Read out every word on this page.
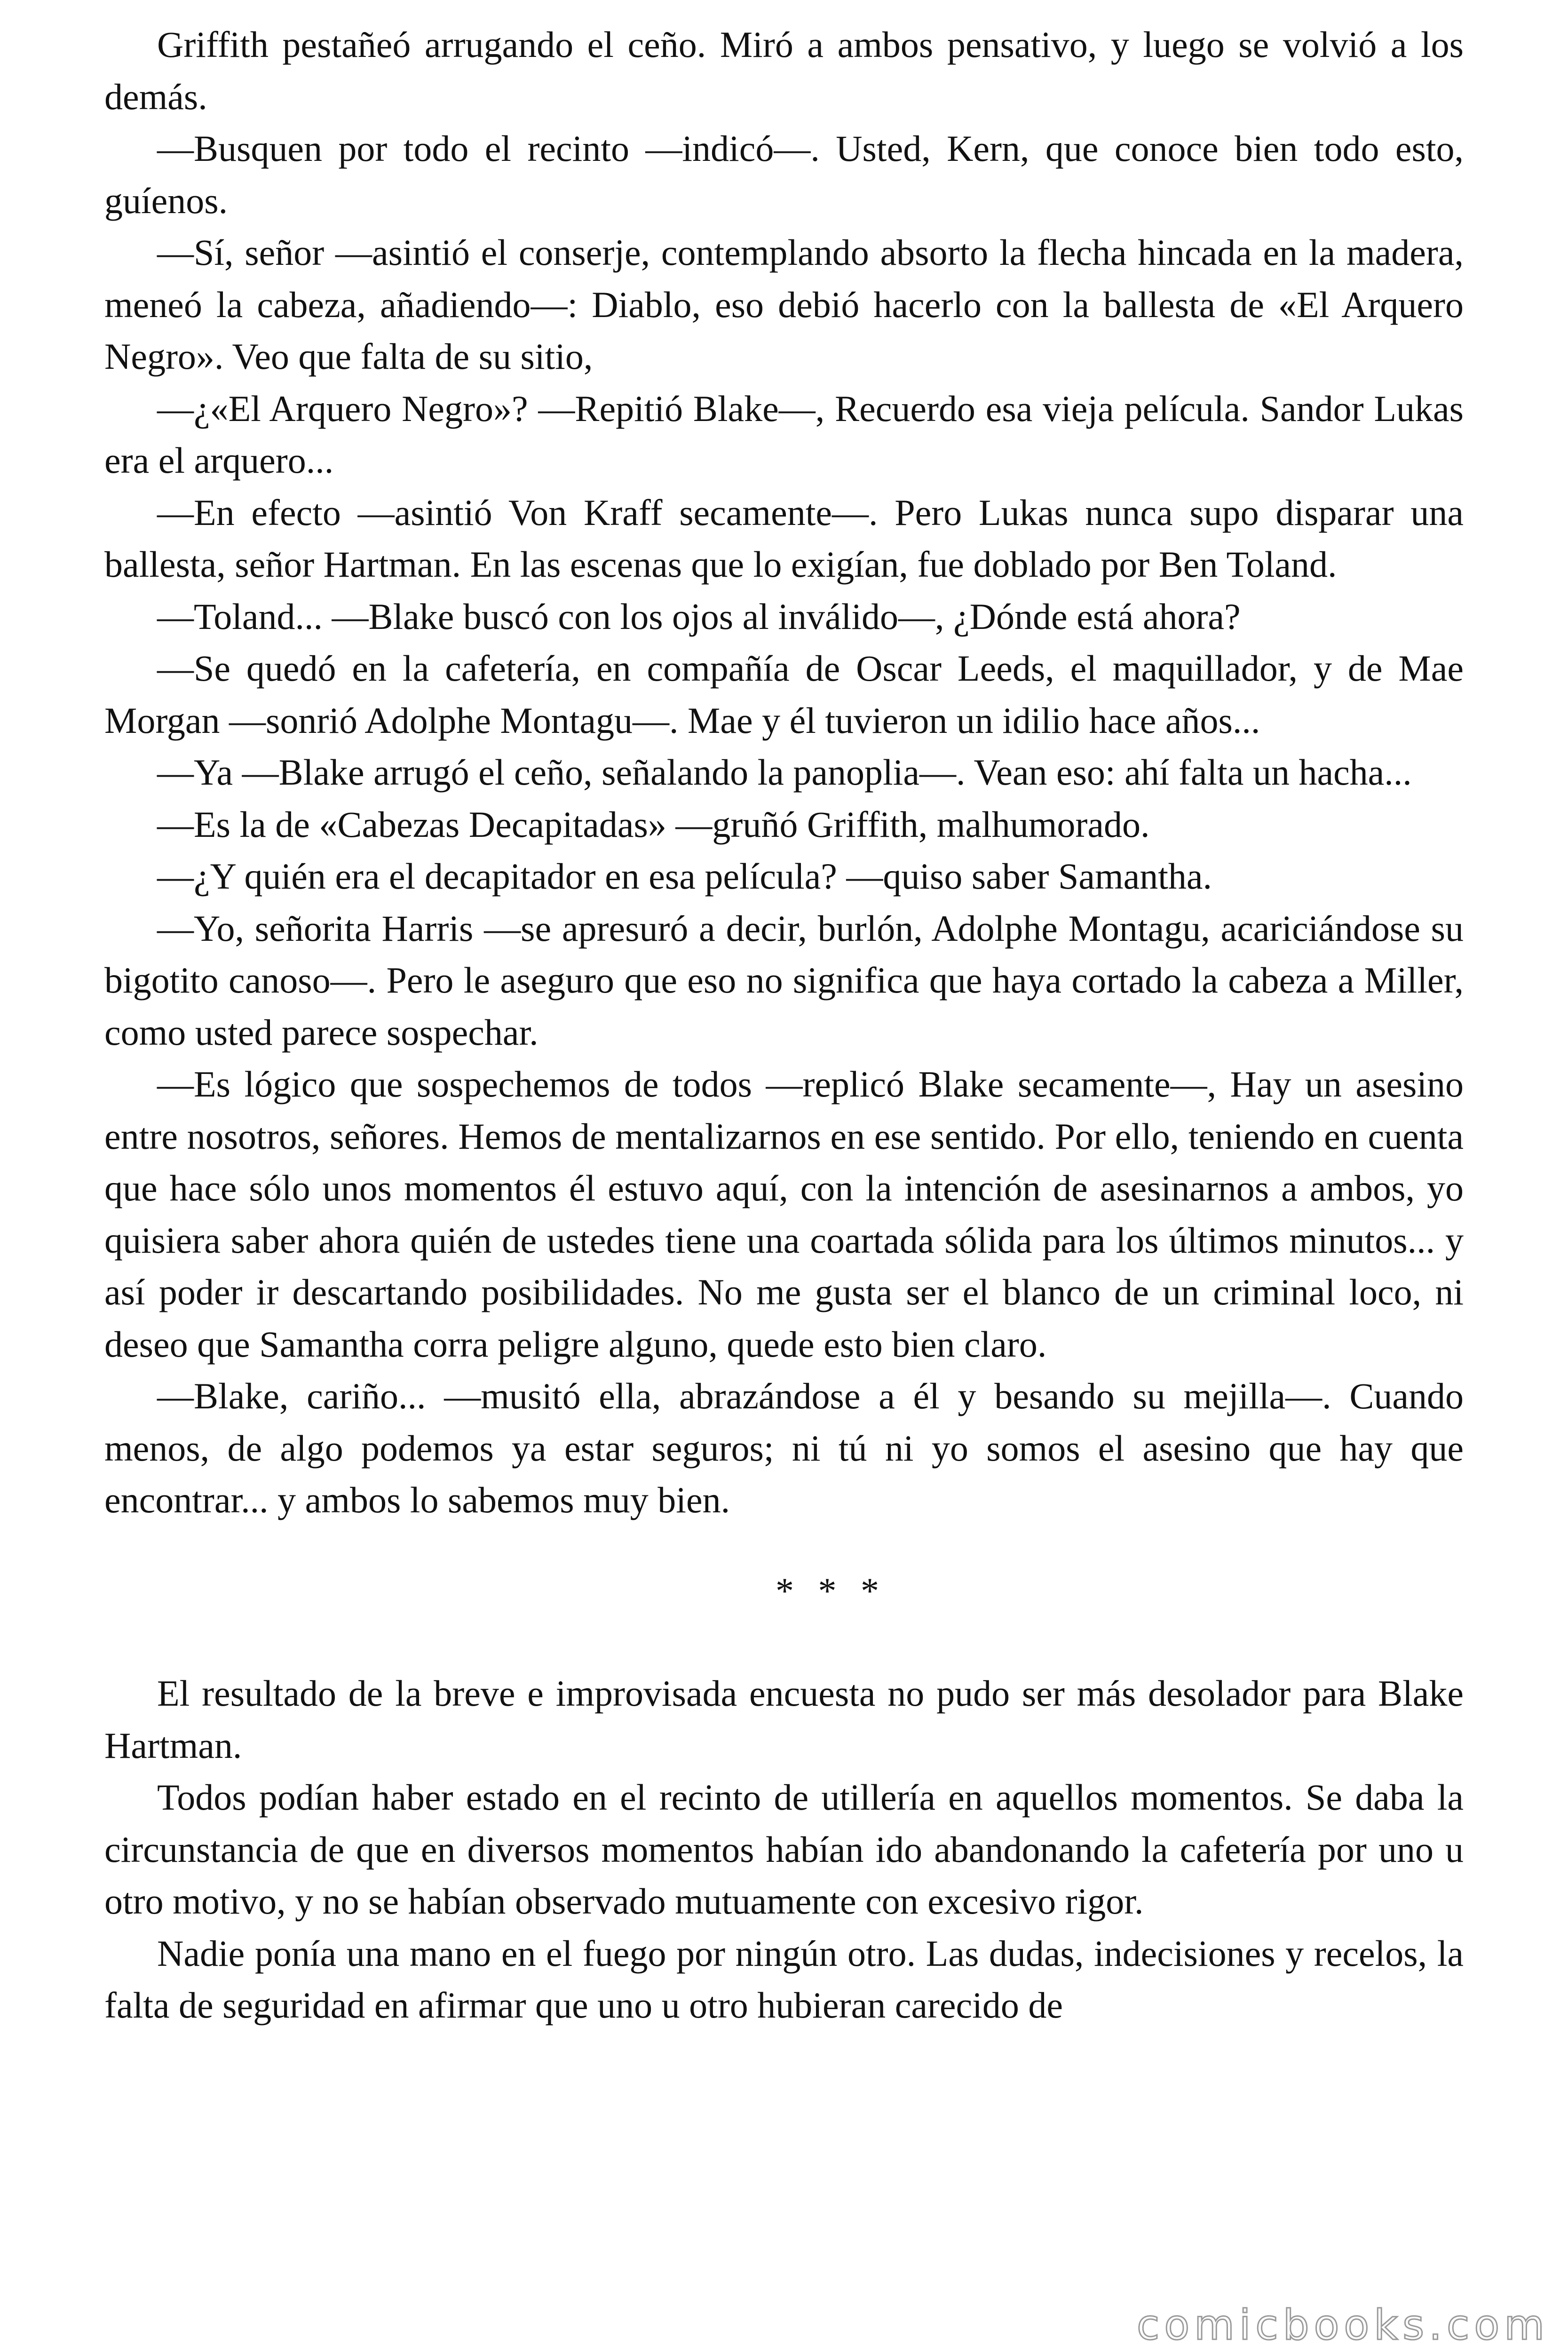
Griffith pestañeó arrugando el ceño. Miró a ambos pensativo, y luego se volvió a los demás.

—Busquen por todo el recinto —indicó—. Usted, Kern, que conoce bien todo esto, guíenos.

—Sí, señor —asintió el conserje, contemplando absorto la flecha hincada en la madera, meneó la cabeza, añadiendo—: Diablo, eso debió hacerlo con la ballesta de «El Arquero Negro». Veo que falta de su sitio,

—¿«El Arquero Negro»? —Repitió Blake—, Recuerdo esa vieja película. Sandor Lukas era el arquero...

—En efecto —asintió Von Kraff secamente—. Pero Lukas nunca supo disparar una ballesta, señor Hartman. En las escenas que lo exigían, fue doblado por Ben Toland.

—Toland... —Blake buscó con los ojos al inválido—, ¿Dónde está ahora?

—Se quedó en la cafetería, en compañía de Oscar Leeds, el maquillador, y de Mae Morgan —sonrió Adolphe Montagu—. Mae y él tuvieron un idilio hace años...

—Ya —Blake arrugó el ceño, señalando la panoplia—. Vean eso: ahí falta un hacha...

—Es la de «Cabezas Decapitadas» —gruñó Griffith, malhumorado.

—¿Y quién era el decapitador en esa película? —quiso saber Samantha.

—Yo, señorita Harris —se apresuró a decir, burlón, Adolphe Montagu, acariciándose su bigotito canoso—. Pero le aseguro que eso no significa que haya cortado la cabeza a Miller, como usted parece sospechar.

—Es lógico que sospechemos de todos —replicó Blake secamente—, Hay un asesino entre nosotros, señores. Hemos de mentalizarnos en ese sentido. Por ello, teniendo en cuenta que hace sólo unos momentos él estuvo aquí, con la intención de asesinarnos a ambos, yo quisiera saber ahora quién de ustedes tiene una coartada sólida para los últimos minutos... y así poder ir descartando posibilidades. No me gusta ser el blanco de un criminal loco, ni deseo que Samantha corra peligre alguno, quede esto bien claro.

—Blake, cariño... —musitó ella, abrazándose a él y besando su mejilla—. Cuando menos, de algo podemos ya estar seguros; ni tú ni yo somos el asesino que hay que encontrar... y ambos lo sabemos muy bien.

* * *

El resultado de la breve e improvisada encuesta no pudo ser más desolador para Blake Hartman.

Todos podían haber estado en el recinto de utillería en aquellos momentos. Se daba la circunstancia de que en diversos momentos habían ido abandonando la cafetería por uno u otro motivo, y no se habían observado mutuamente con excesivo rigor.

Nadie ponía una mano en el fuego por ningún otro. Las dudas, indecisiones y recelos, la falta de seguridad en afirmar que uno u otro hubieran carecido de

comicbooks.com
